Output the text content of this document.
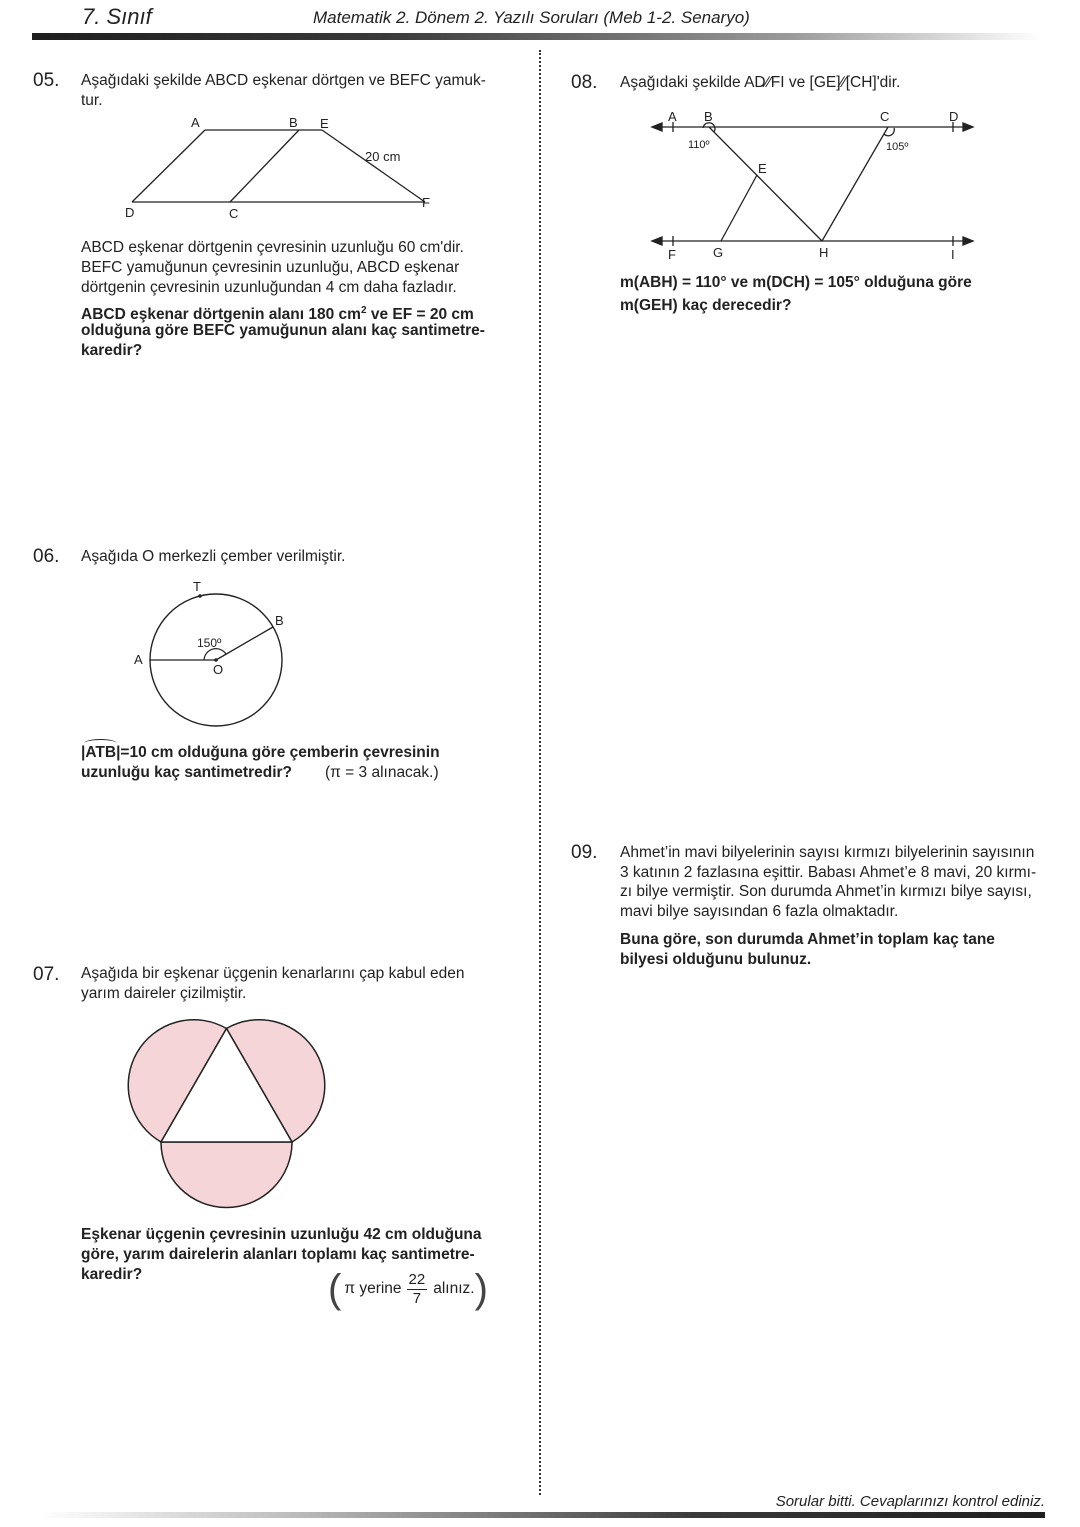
7. Sınıf	Matematik 2. Dönem 2. Yazılı Soruları (Meb 1-2. Senaryo)
05. Aşağıdaki şekilde ABCD eşkenar dörtgen ve BEFC yamuk-
tur.
A	B E
D	C
F
20 cm
ABCD eşkenar dörtgenin çevresinin uzunluğu 60 cm'dir.
BEFC yamuğunun çevresinin uzunluğu, ABCD eşkenar
dörtgenin çevresinin uzunluğundan 4 cm daha fazladır.
ABCD eşkenar dörtgenin alanı 180 $cm^2$ ve EF = 20 cm
olduğuna göre BEFC yamuğunun alanı kaç santimetre-
karedir?
06. Aşağıda O merkezli çember verilmiştir.
T
B
A
O
150º
|
ATB|=10 cm olduğuna göre çemberin çevresinin
uzunluğu kaç santimetredir? (π = 3 alınacak.)
07. Aşağıda bir eşkenar üçgenin kenarlarını çap kabul eden
yarım daireler çizilmiştir.
Eşkenar üçgenin çevresinin uzunluğu 42 cm olduğuna
göre, yarım dairelerin alanları toplamı kaç santimetre-
karedir?	( π yerine $\frac{22}{7}$ alınız. )
08. Aşağıdaki şekilde AD∕∕FI ve [GE]∕∕[CH]'dir.
A B	C	D
E
F	G	H	I
110º	105º
m(ABH) = 110° ve m(DCH) = 105° olduğuna göre
m(GEH) kaç derecedir?
09. Ahmet’in mavi bilyelerinin sayısı kırmızı bilyelerinin sayısının
3 katının 2 fazlasına eşittir. Babası Ahmet’e 8 mavi, 20 kırmı-
zı bilye vermiştir. Son durumda Ahmet’in kırmızı bilye sayısı,
mavi bilye sayısından 6 fazla olmaktadır.
Buna göre, son durumda Ahmet’in toplam kaç tane
bilyesi olduğunu bulunuz.
Sorular bitti. Cevaplarınızı kontrol ediniz.
